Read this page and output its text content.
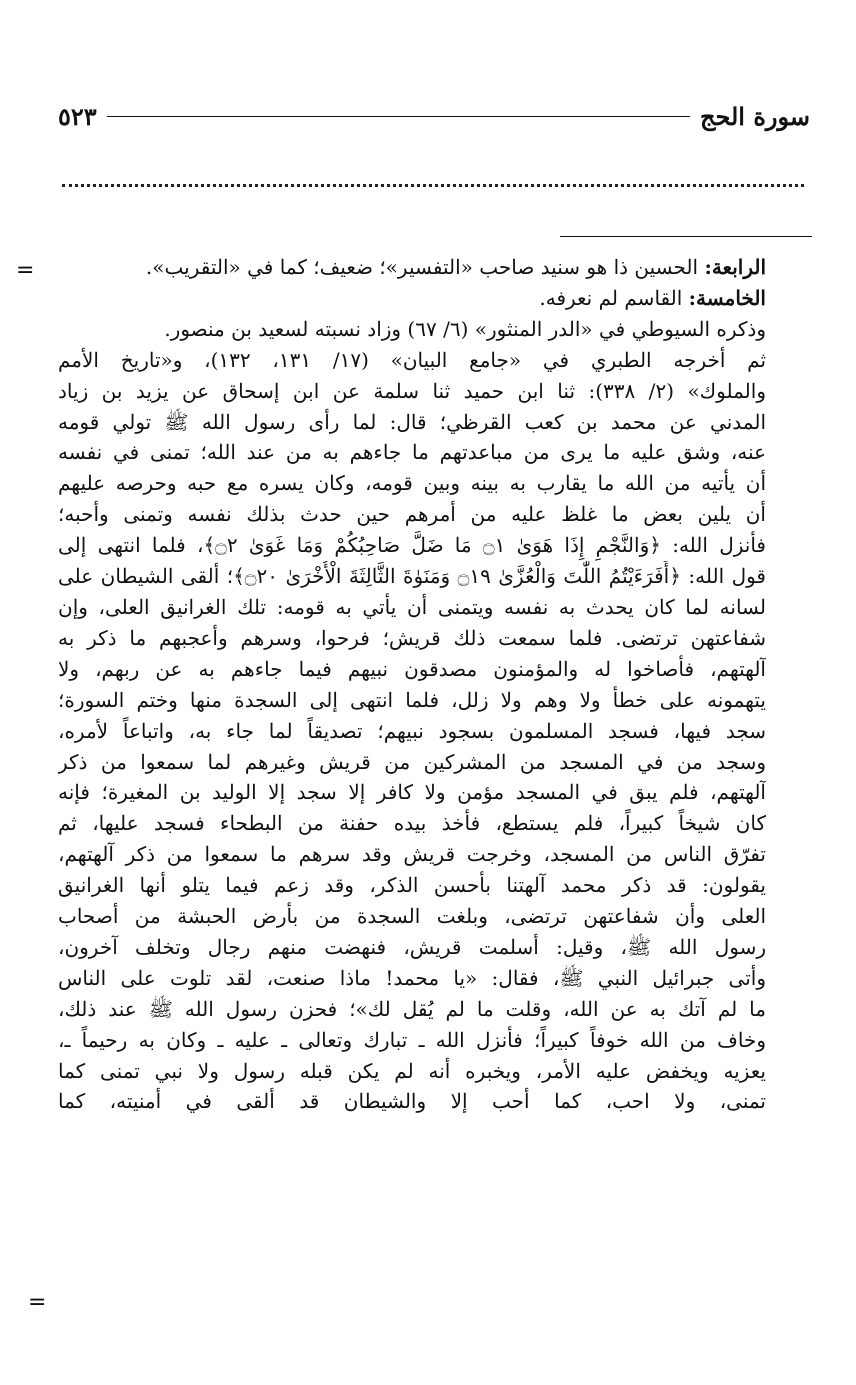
سورة الحج
٥٢٣
=
=
الرابعة: الحسين ذا هو سنيد صاحب «التفسير»؛ ضعيف؛ كما في «التقريب».
الخامسة: القاسم لم نعرفه.
وذكره السيوطي في «الدر المنثور» (٦/ ٦٧) وزاد نسبته لسعيد بن منصور.
ثم أخرجه الطبري في «جامع البيان» (١٧/ ١٣١، ١٣٢)، و«تاريخ الأمم
والملوك» (٢/ ٣٣٨): ثنا ابن حميد ثنا سلمة عن ابن إسحاق عن يزيد بن زياد
المدني عن محمد بن كعب القرظي؛ قال: لما رأى رسول الله ﷺ تولي قومه
عنه، وشق عليه ما يرى من مباعدتهم ما جاءهم به من عند الله؛ تمنى في نفسه
أن يأتيه من الله ما يقارب به بينه وبين قومه، وكان يسره مع حبه وحرصه عليهم
أن يلين بعض ما غلظ عليه من أمرهم حين حدث بذلك نفسه وتمنى وأحبه؛
فأنزل الله: ﴿وَالنَّجْمِ إِذَا هَوَىٰ ۝١ مَا ضَلَّ صَاحِبُكُمْ وَمَا غَوَىٰ ۝٢﴾، فلما انتهى إلى
قول الله: ﴿أَفَرَءَيْتُمُ اللَّٰتَ وَالْعُزَّىٰ ۝١٩ وَمَنَوٰةَ الثَّالِثَةَ الْأُخْرَىٰ ۝٢٠﴾؛ ألقى الشيطان على
لسانه لما كان يحدث به نفسه ويتمنى أن يأتي به قومه: تلك الغرانيق العلى، وإن
شفاعتهن ترتضى. فلما سمعت ذلك قريش؛ فرحوا، وسرهم وأعجبهم ما ذكر به
آلهتهم، فأصاخوا له والمؤمنون مصدقون نبيهم فيما جاءهم به عن ربهم، ولا
يتهمونه على خطأ ولا وهم ولا زلل، فلما انتهى إلى السجدة منها وختم السورة؛
سجد فيها، فسجد المسلمون بسجود نبيهم؛ تصديقاً لما جاء به، واتباعاً لأمره،
وسجد من في المسجد من المشركين من قريش وغيرهم لما سمعوا من ذكر
آلهتهم، فلم يبق في المسجد مؤمن ولا كافر إلا سجد إلا الوليد بن المغيرة؛ فإنه
كان شيخاً كبيراً، فلم يستطع، فأخذ بيده حفنة من البطحاء فسجد عليها، ثم
تفرّق الناس من المسجد، وخرجت قريش وقد سرهم ما سمعوا من ذكر آلهتهم،
يقولون: قد ذكر محمد آلهتنا بأحسن الذكر، وقد زعم فيما يتلو أنها الغرانيق
العلى وأن شفاعتهن ترتضى، وبلغت السجدة من بأرض الحبشة من أصحاب
رسول الله ﷺ، وقيل: أسلمت قريش، فنهضت منهم رجال وتخلف آخرون،
وأتى جبرائيل النبي ﷺ، فقال: «يا محمد! ماذا صنعت، لقد تلوت على الناس
ما لم آتك به عن الله، وقلت ما لم يُقل لك»؛ فحزن رسول الله ﷺ عند ذلك،
وخاف من الله خوفاً كبيراً؛ فأنزل الله ـ تبارك وتعالى ـ عليه ـ وكان به رحيماً ـ،
يعزيه ويخفض عليه الأمر، ويخبره أنه لم يكن قبله رسول ولا نبي تمنى كما
تمنى، ولا احب، كما أحب إلا والشيطان قد ألقى في أمنيته، كما
